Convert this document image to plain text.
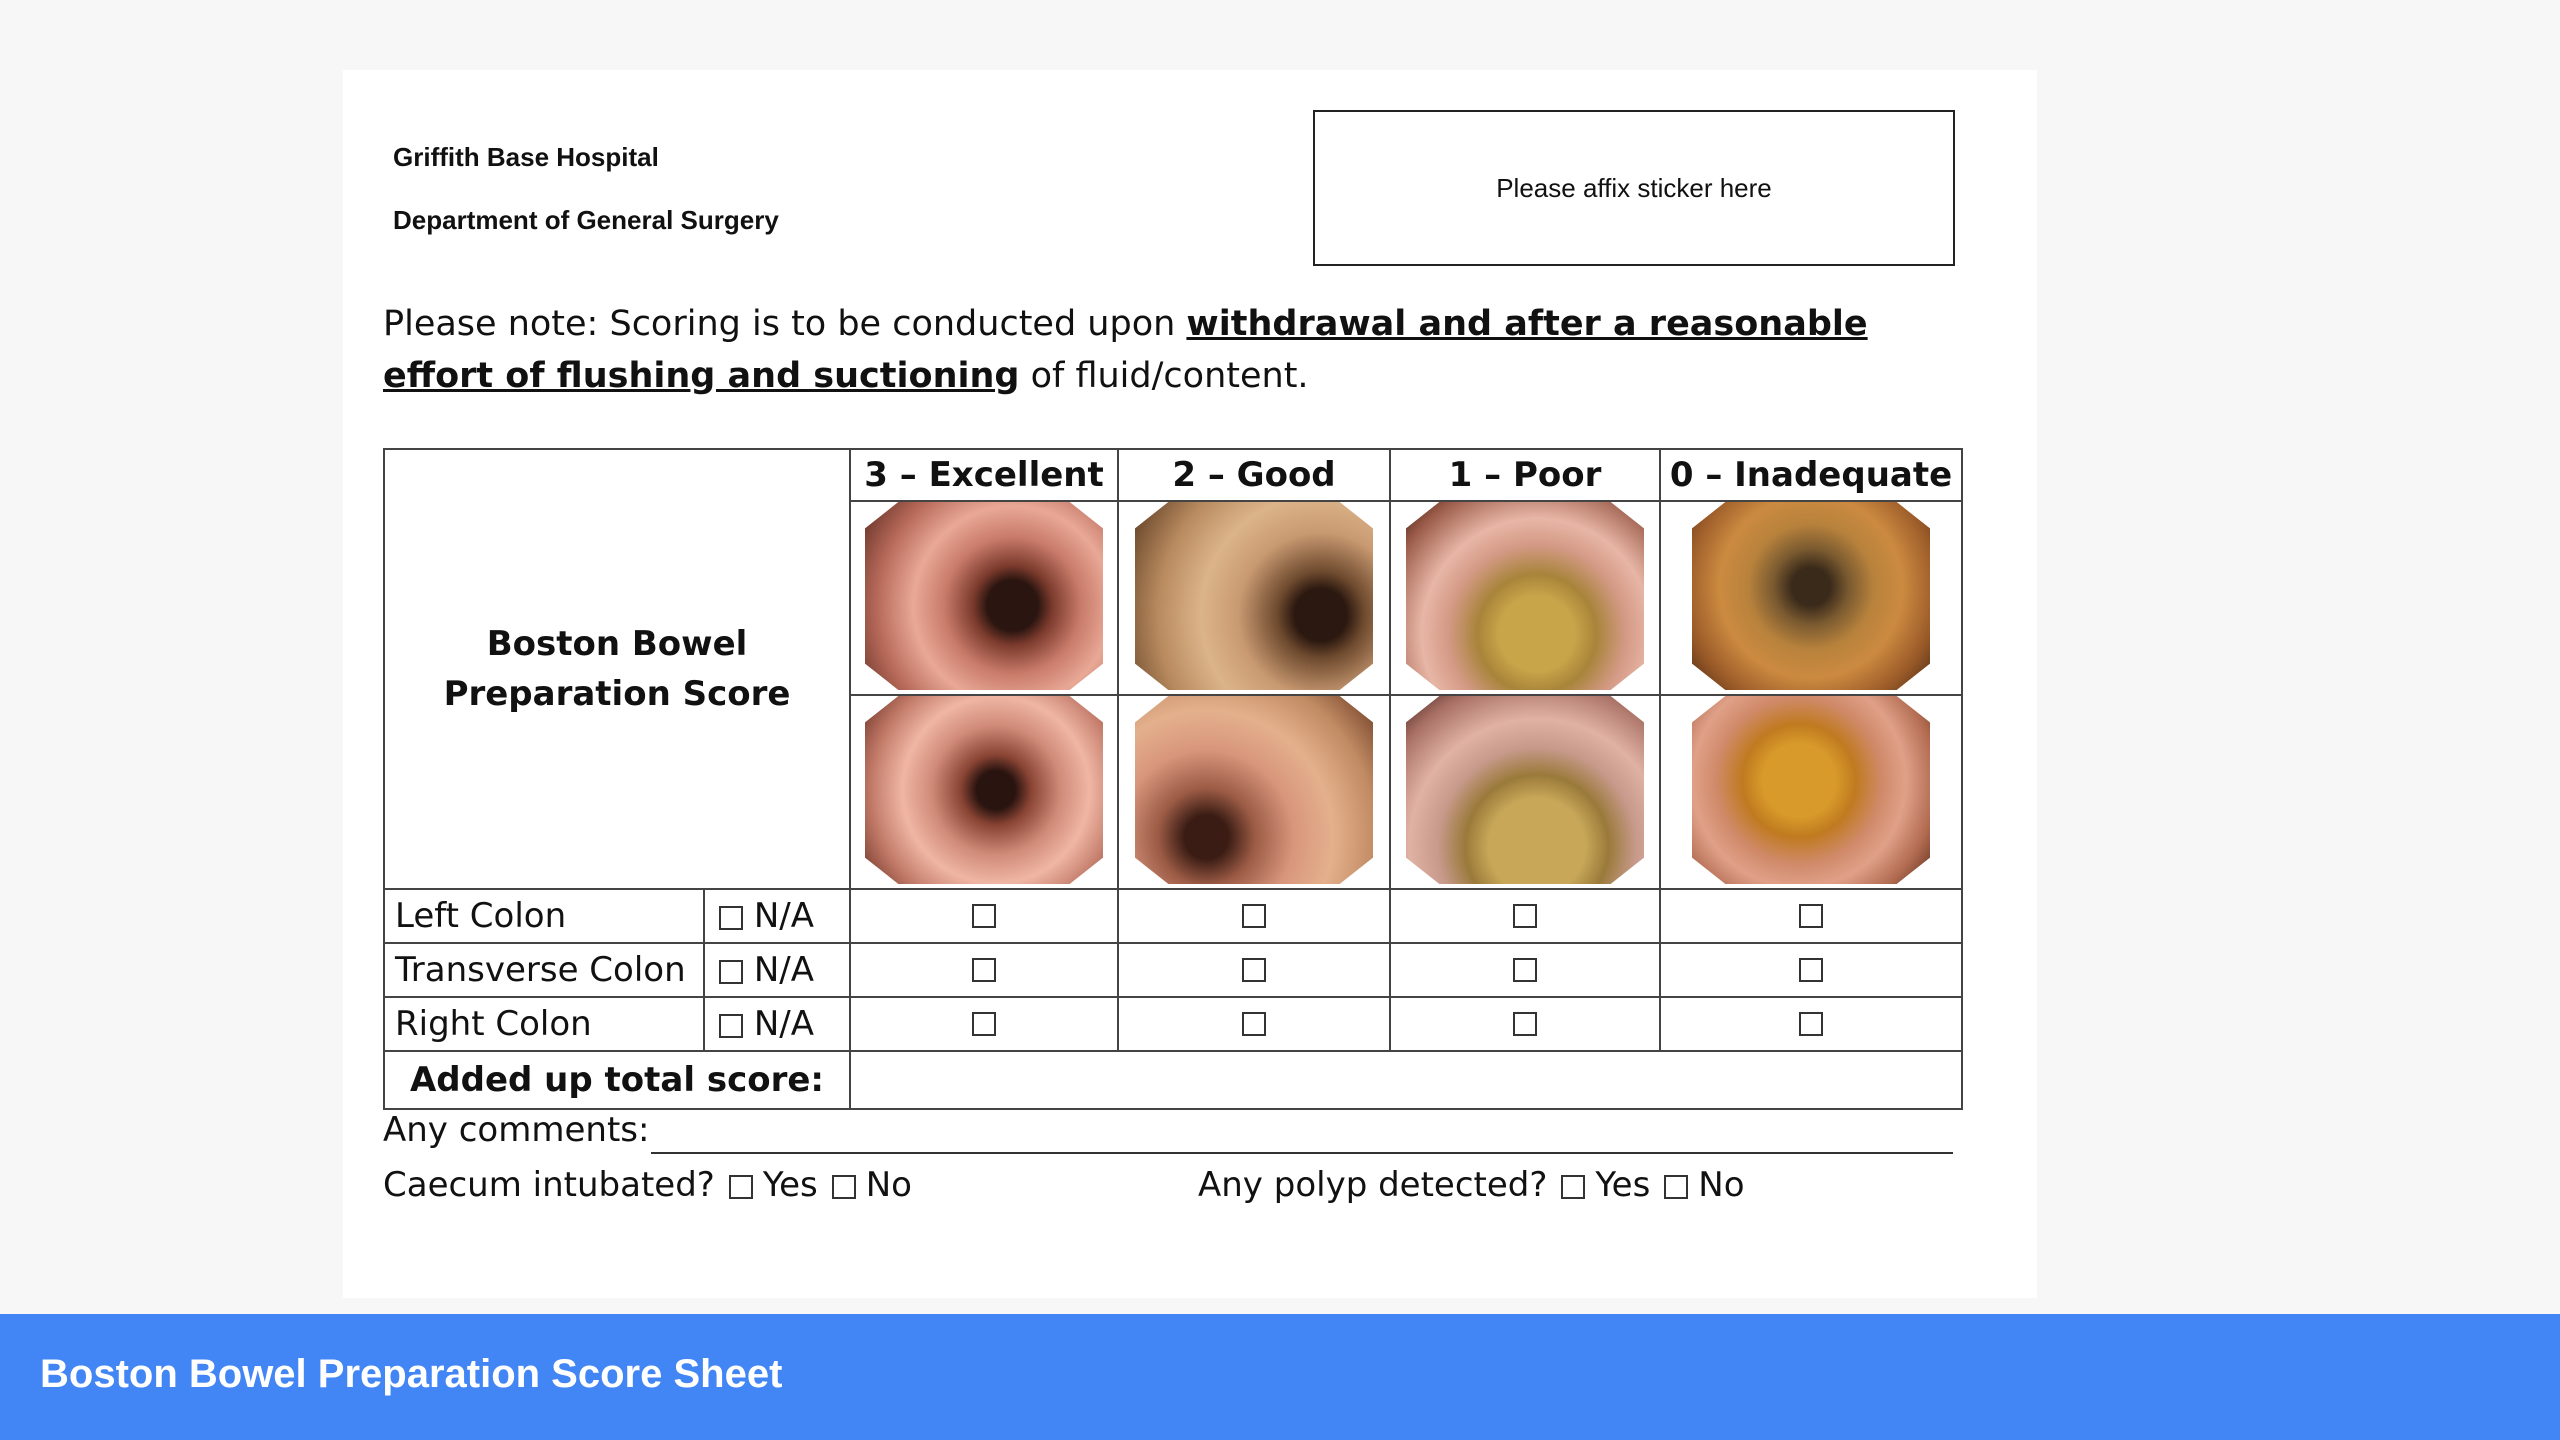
Griffith Base Hospital
Department of General Surgery
Please affix sticker here
Please note: Scoring is to be conducted upon withdrawal and after a reasonable effort of flushing and suctioning of fluid/content.
Boston Bowel
Preparation Score		3 – Excellent	2 – Good	1 – Poor	0 – Inadequate

Left Colon	N/A				
Transverse Colon	N/A				
Right Colon	N/A				
Added up total score:					
Any comments:
Caecum intubated? Yes No	Any polyp detected? Yes No
Boston Bowel Preparation Score Sheet
